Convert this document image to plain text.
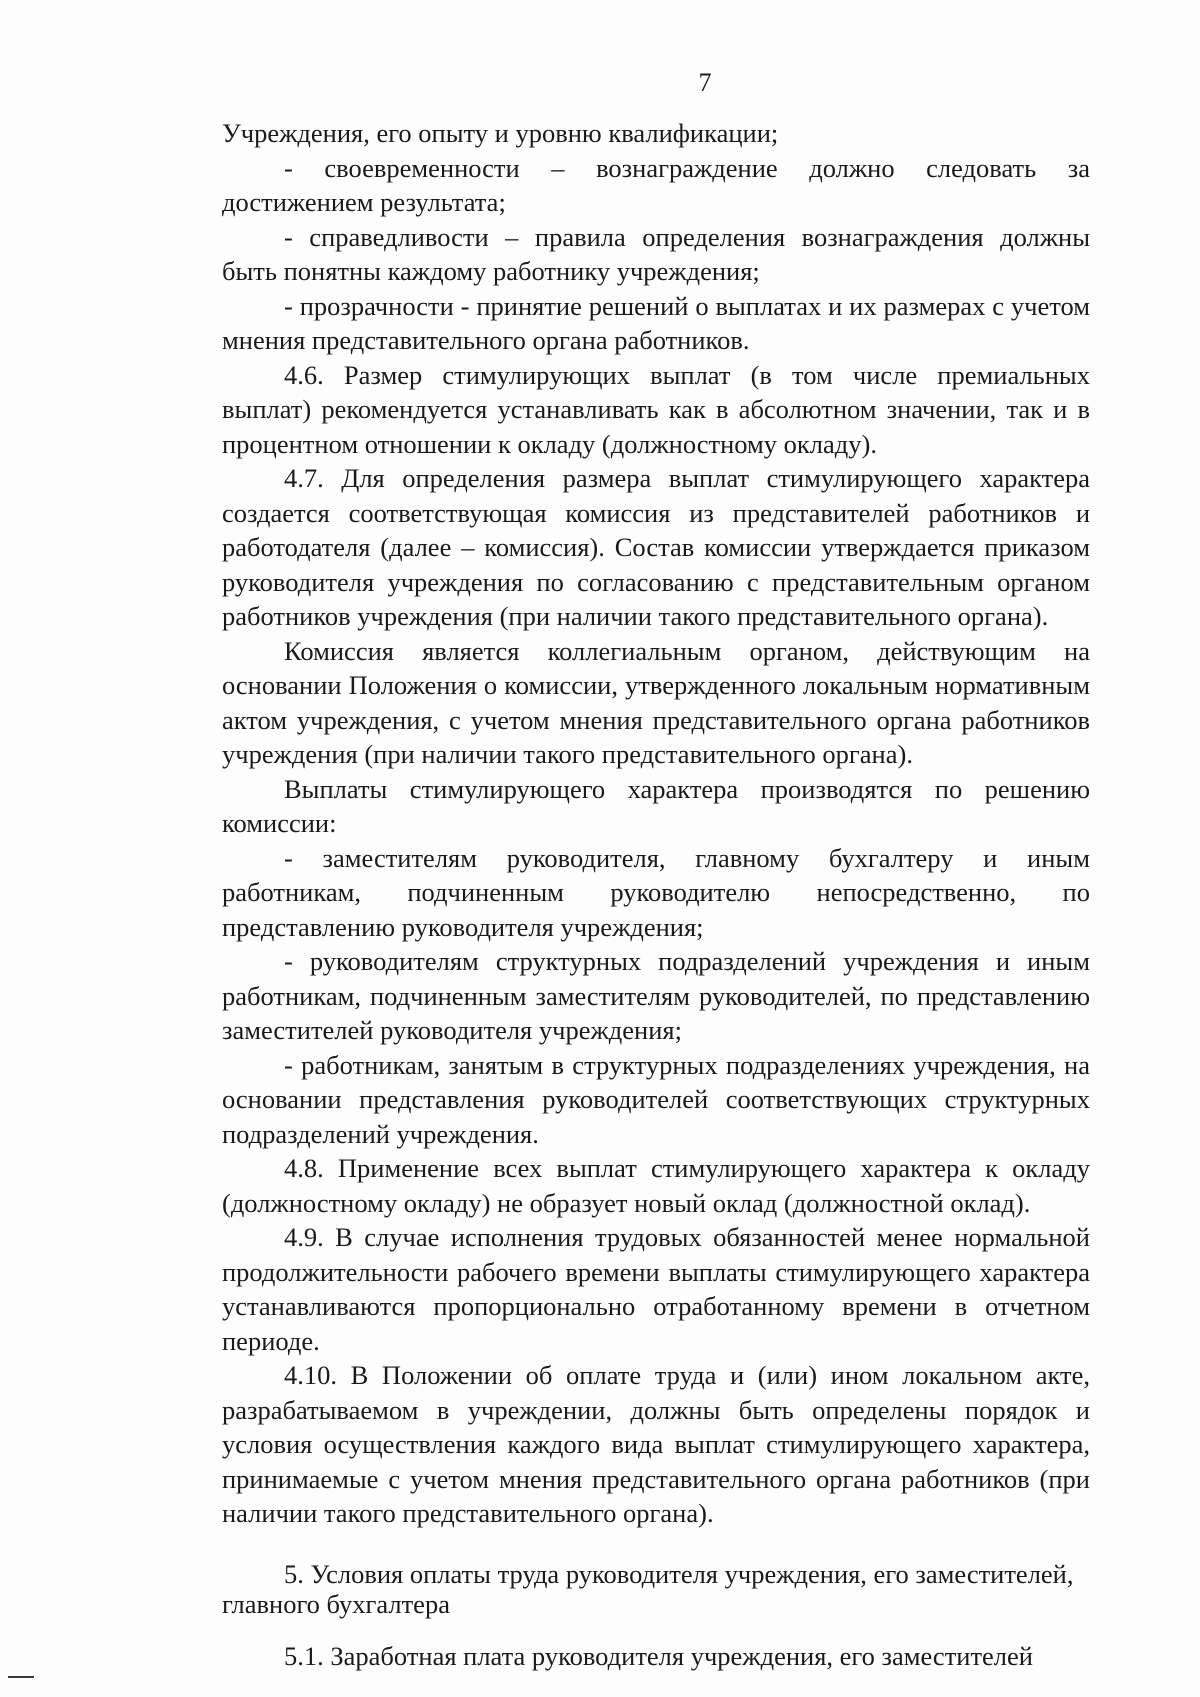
7

Учреждения, его опыту и уровню квалификации;

- своевременности – вознаграждение должно следовать за достижением результата;

- справедливости – правила определения вознаграждения должны быть понятны каждому работнику учреждения;

- прозрачности - принятие решений о выплатах и их размерах с учетом мнения представительного органа работников.

4.6. Размер стимулирующих выплат (в том числе премиальных выплат) рекомендуется устанавливать как в абсолютном значении, так и в процентном отношении к окладу (должностному окладу).

4.7. Для определения размера выплат стимулирующего характера создается соответствующая комиссия из представителей работников и работодателя (далее – комиссия). Состав комиссии утверждается приказом руководителя учреждения по согласованию с представительным органом работников учреждения (при наличии такого представительного органа).

Комиссия является коллегиальным органом, действующим на основании Положения о комиссии, утвержденного локальным нормативным актом учреждения, с учетом мнения представительного органа работников учреждения (при наличии такого представительного органа).

Выплаты стимулирующего характера производятся по решению комиссии:

- заместителям руководителя, главному бухгалтеру и иным работникам, подчиненным руководителю непосредственно, по представлению руководителя учреждения;

- руководителям структурных подразделений учреждения и иным работникам, подчиненным заместителям руководителей, по представлению заместителей руководителя учреждения;

- работникам, занятым в структурных подразделениях учреждения, на основании представления руководителей соответствующих структурных подразделений учреждения.

4.8. Применение всех выплат стимулирующего характера к окладу (должностному окладу) не образует новый оклад (должностной оклад).

4.9. В случае исполнения трудовых обязанностей менее нормальной продолжительности рабочего времени выплаты стимулирующего характера устанавливаются пропорционально отработанному времени в отчетном периоде.

4.10. В Положении об оплате труда и (или) ином локальном акте, разрабатываемом в учреждении, должны быть определены порядок и условия осуществления каждого вида выплат стимулирующего характера, принимаемые с учетом мнения представительного органа работников (при наличии такого представительного органа).

5. Условия оплаты труда руководителя учреждения, его заместителей, главного бухгалтера

5.1. Заработная плата руководителя учреждения, его заместителей
